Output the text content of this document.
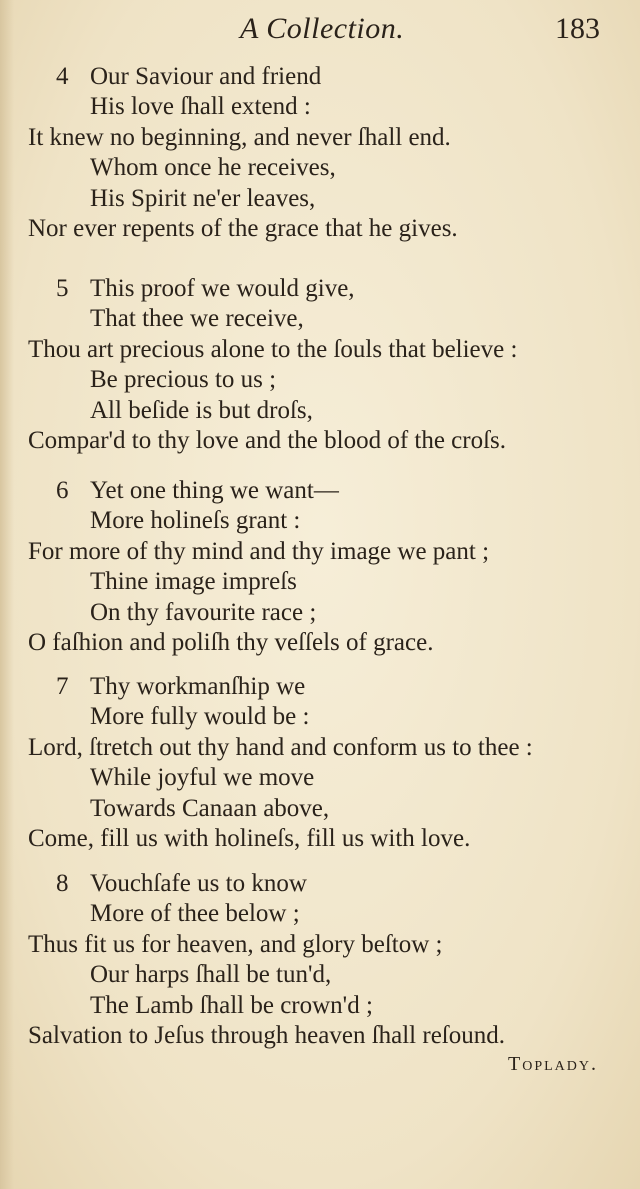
A Collection.	183
4 Our Saviour and friend
His love ſhall extend :
It knew no beginning, and never ſhall end.
Whom once he receives,
His Spirit ne'er leaves,
Nor ever repents of the grace that he gives.
5 This proof we would give,
That thee we receive,
Thou art precious alone to the ſouls that believe :
Be precious to us ;
All beſide is but droſs,
Compar'd to thy love and the blood of the croſs.
6 Yet one thing we want—
More holineſs grant :
For more of thy mind and thy image we pant ;
Thine image impreſs
On thy favourite race ;
O faſhion and poliſh thy veſſels of grace.
7 Thy workmanſhip we
More fully would be :
Lord, ſtretch out thy hand and conform us to thee :
While joyful we move
Towards Canaan above,
Come, fill us with holineſs, fill us with love.
8 Vouchſafe us to know
More of thee below ;
Thus fit us for heaven, and glory beſtow ;
Our harps ſhall be tun'd,
The Lamb ſhall be crown'd ;
Salvation to Jeſus through heaven ſhall reſound.
Toplady.
